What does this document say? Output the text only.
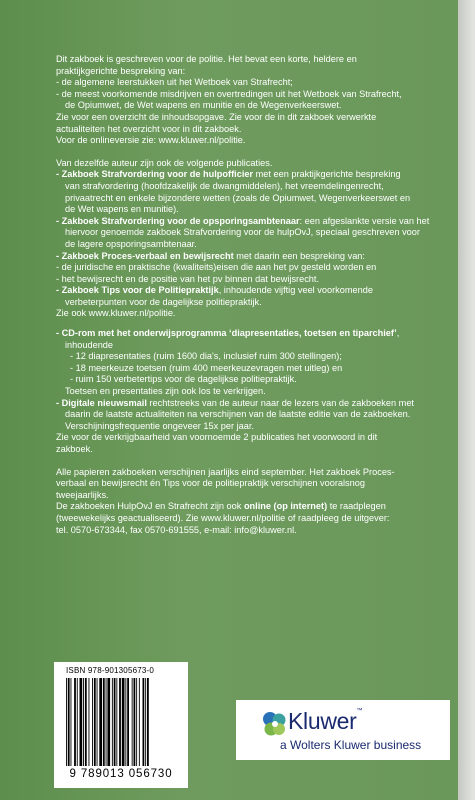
Dit zakboek is geschreven voor de politie. Het bevat een korte, heldere en

praktijkgerichte bespreking van:

- de algemene leerstukken uit het Wetboek van Strafrecht;

- de meest voorkomende misdrijven en overtredingen uit het Wetboek van Strafrecht,

de Opiumwet, de Wet wapens en munitie en de Wegenverkeerswet.

Zie voor een overzicht de inhoudsopgave. Zie voor de in dit zakboek verwerkte

actualiteiten het overzicht voor in dit zakboek.

Voor de onlineversie zie: www.kluwer.nl/politie.

Van dezelfde auteur zijn ook de volgende publicaties.

- Zakboek Strafvordering voor de hulpofficier met een praktijkgerichte bespreking

van strafvordering (hoofdzakelijk de dwangmiddelen), het vreemdelingenrecht,

privaatrecht en enkele bijzondere wetten (zoals de Opiumwet, Wegenverkeerswet en

de Wet wapens en munitie).

- Zakboek Strafvordering voor de opsporingsambtenaar: een afgeslankte versie van het

hiervoor genoemde zakboek Strafvordering voor de hulpOvJ, speciaal geschreven voor

de lagere opsporingsambtenaar.

- Zakboek Proces-verbaal en bewijsrecht met daarin een bespreking van:

- de juridische en praktische (kwaliteits)eisen die aan het pv gesteld worden en

- het bewijsrecht en de positie van het pv binnen dat bewijsrecht.

- Zakboek Tips voor de Politiepraktijk, inhoudende vijftig veel voorkomende

verbeterpunten voor de dagelijkse politiepraktijk.

Zie ook www.kluwer.nl/politie.

- CD-rom met het onderwijsprogramma ‘diapresentaties, toetsen en tiparchief’,

inhoudende

- 12 diapresentaties (ruim 1600 dia's, inclusief ruim 300 stellingen);

- 18 meerkeuze toetsen (ruim 400 meerkeuzevragen met uitleg) en

- ruim 150 verbetertips voor de dagelijkse politiepraktijk.

Toetsen en presentaties zijn ook los te verkrijgen.

- Digitale nieuwsmail rechtstreeks van de auteur naar de lezers van de zakboeken met

daarin de laatste actualiteiten na verschijnen van de laatste editie van de zakboeken.

Verschijningsfrequentie ongeveer 15x per jaar.

Zie voor de verkrijgbaarheid van voornoemde 2 publicaties het voorwoord in dit

zakboek.

Alle papieren zakboeken verschijnen jaarlijks eind september. Het zakboek Proces-

verbaal en bewijsrecht én Tips voor de politiepraktijk verschijnen vooralsnog

tweejaarlijks.

De zakboeken HulpOvJ en Strafrecht zijn ook online (op internet) te raadplegen

(tweewekelijks geactualiseerd). Zie www.kluwer.nl/politie of raadpleeg de uitgever:

tel. 0570-673344, fax 0570-691555, e-mail: info@kluwer.nl.

ISBN 978-901305673-0
9 789013 056730
Kluwer™
a Wolters Kluwer business
